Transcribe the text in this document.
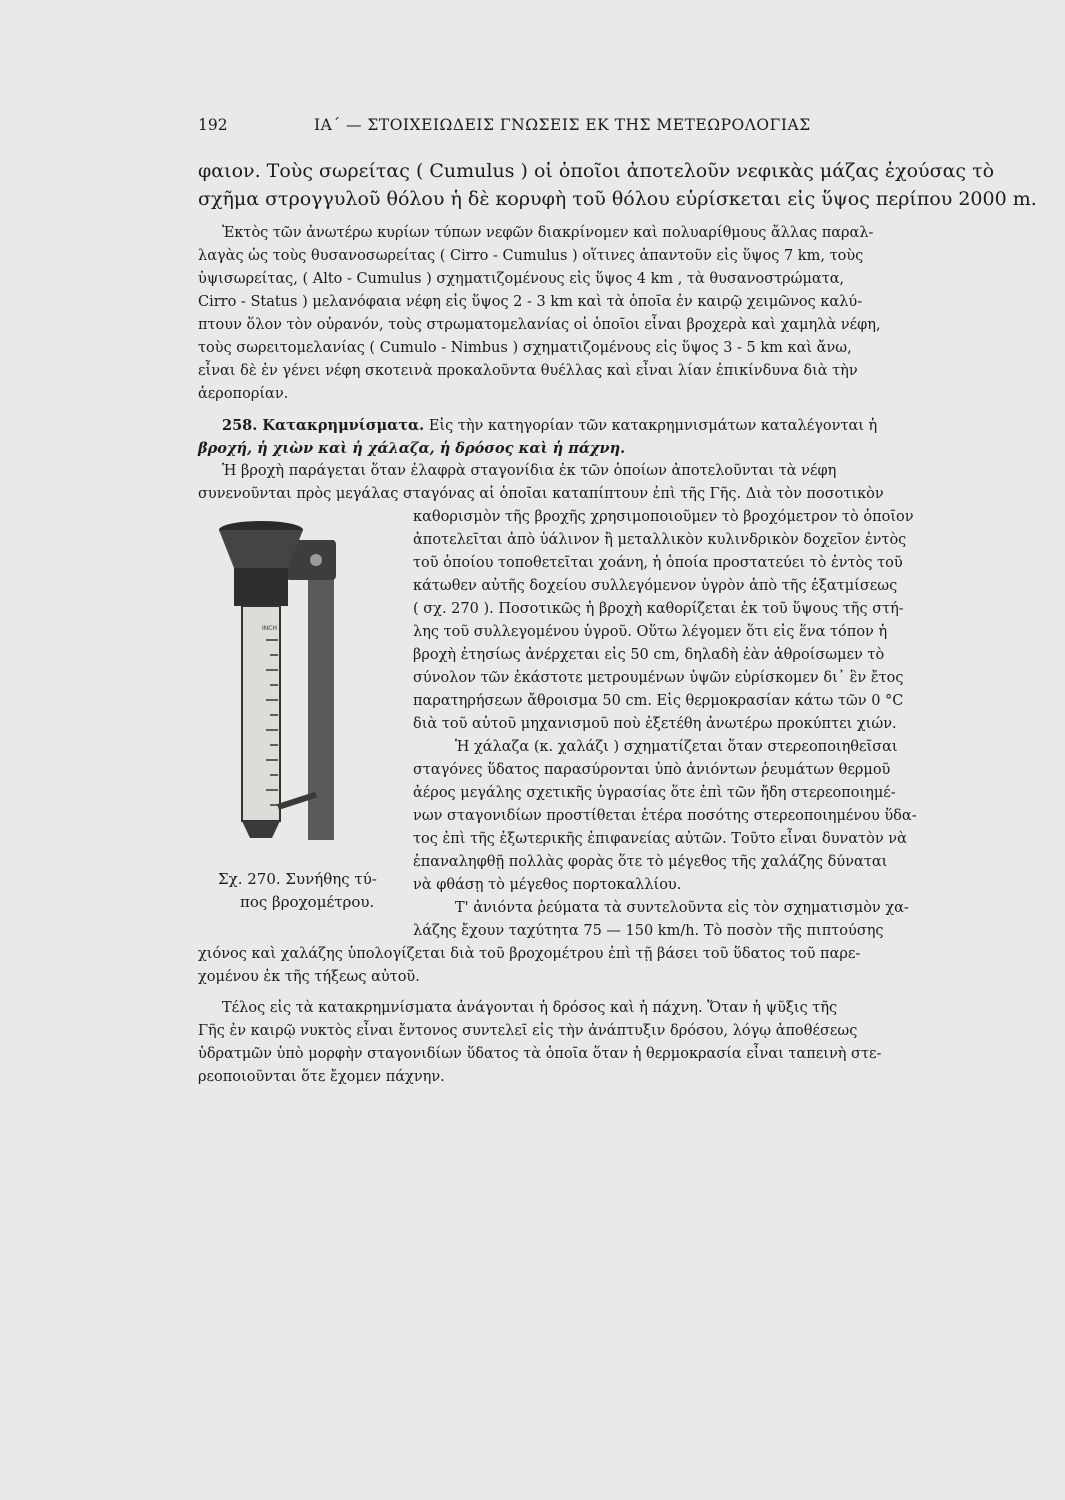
192	ΙΑ΄ — ΣΤΟΙΧΕΙΩΔΕΙΣ ΓΝΩΣΕΙΣ ΕΚ ΤΗΣ ΜΕΤΕΩΡΟΛΟΓΙΑΣ
φαιον. Τοὺς σωρείτας ( Cumulus ) οἱ ὁποῖοι ἀποτελοῦν νεφικὰς μάζας ἐχούσας τὸ
σχῆμα στρογγυλοῦ θόλου ἡ δὲ κορυφὴ τοῦ θόλου εὑρίσκεται εἰς ὕψος περίπου 2000 m.
Ἐκτὸς τῶν ἀνωτέρω κυρίων τύπων νεφῶν διακρίνομεν καὶ πολυαρίθμους ἄλλας παραλ-
λαγὰς ὡς τοὺς θυσανοσωρείτας ( Cirro - Cumulus ) οἵτινες ἀπαντοῦν εἰς ὕψος 7 km, τοὺς
ὑψισωρείτας, ( Alto - Cumulus ) σχηματιζομένους εἰς ὕψος 4 km , τὰ θυσανοστρώματα,
Cirro - Status ) μελανόφαια νέφη εἰς ὕψος 2 - 3 km καὶ τὰ ὁποῖα ἐν καιρῷ χειμῶνος καλύ-
πτουν ὅλον τὸν οὐρανόν, τοὺς στρωματομελανίας οἱ ὁποῖοι εἶναι βροχερὰ καὶ χαμηλὰ νέφη,
τοὺς σωρειτομελανίας ( Cumulo - Nimbus ) σχηματιζομένους εἰς ὕψος 3 - 5 km καὶ ἄνω,
εἶναι δὲ ἐν γένει νέφη σκοτεινὰ προκαλοῦντα θυέλλας καὶ εἶναι λίαν ἐπικίνδυνα διὰ τὴν
ἀεροπορίαν.
258. Κατακρημνίσματα. Εἰς τὴν κατηγορίαν τῶν κατακρημνισμάτων καταλέγονται ἡ
βροχή, ἡ χιὼν καὶ ἡ χάλαζα, ἡ δρόσος καὶ ἡ πάχνη.
Ἡ βροχὴ παράγεται ὅταν ἐλαφρὰ σταγονίδια ἐκ τῶν ὁποίων ἀποτελοῦνται τὰ νέφη
συνενοῦνται πρὸς μεγάλας σταγόνας αἱ ὁποῖαι καταπίπτουν ἐπὶ τῆς Γῆς. Διὰ τὸν ποσοτικὸν
καθορισμὸν τῆς βροχῆς χρησιμοποιοῦμεν τὸ βροχόμετρον τὸ ὁποῖον
ἀποτελεῖται ἀπὸ ὑάλινον ἢ μεταλλικὸν κυλινδρικὸν δοχεῖον ἐντὸς
τοῦ ὁποίου τοποθετεῖται χοάνη, ἡ ὁποία προστατεύει τὸ ἐντὸς τοῦ
κάτωθεν αὐτῆς δοχείου συλλεγόμενον ὑγρὸν ἀπὸ τῆς ἐξατμίσεως
( σχ. 270 ). Ποσοτικῶς ἡ βροχὴ καθορίζεται ἐκ τοῦ ὕψους τῆς στή-
λης τοῦ συλλεγομένου ὑγροῦ. Οὕτω λέγομεν ὅτι εἰς ἕνα τόπον ἡ
βροχὴ ἐτησίως ἀνέρχεται εἰς 50 cm, δηλαδὴ ἐὰν ἀθροίσωμεν τὸ
σύνολον τῶν ἑκάστοτε μετρουμένων ὑψῶν εὑρίσκομεν δι᾿ ἓν ἔτος
παρατηρήσεων ἄθροισμα 50 cm. Εἰς θερμοκρασίαν κάτω τῶν 0 °C
διὰ τοῦ αὐτοῦ μηχανισμοῦ ποὺ ἐξετέθη ἀνωτέρω προκύπτει χιών.
Ἡ χάλαζα (κ. χαλάζι ) σχηματίζεται ὅταν στερεοποιηθεῖσαι
σταγόνες ὕδατος παρασύρονται ὑπὸ ἀνιόντων ῥευμάτων θερμοῦ
ἀέρος μεγάλης σχετικῆς ὑγρασίας ὅτε ἐπὶ τῶν ἤδη στερεοποιημέ-
νων σταγονιδίων προστίθεται ἑτέρα ποσότης στερεοποιημένου ὕδα-
τος ἐπὶ τῆς ἐξωτερικῆς ἐπιφανείας αὐτῶν. Τοῦτο εἶναι δυνατὸν νὰ
ἐπαναληφθῇ πολλὰς φορὰς ὅτε τὸ μέγεθος τῆς χαλάζης δύναται
νὰ φθάσῃ τὸ μέγεθος πορτοκαλλίου.
Τ' ἀνιόντα ῥεύματα τὰ συντελοῦντα εἰς τὸν σχηματισμὸν χα-
λάζης ἔχουν ταχύτητα 75 — 150 km/h. Τὸ ποσὸν τῆς πιπτούσης
χιόνος καὶ χαλάζης ὑπολογίζεται διὰ τοῦ βροχομέτρου ἐπὶ τῇ βάσει τοῦ ὕδατος τοῦ παρε-
χομένου ἐκ τῆς τήξεως αὐτοῦ.
Τέλος εἰς τὰ κατακρημνίσματα ἀνάγονται ἡ δρόσος καὶ ἡ πάχνη. Ὅταν ἡ ψῦξις τῆς
Γῆς ἐν καιρῷ νυκτὸς εἶναι ἔντονος συντελεῖ εἰς τὴν ἀνάπτυξιν δρόσου, λόγῳ ἀποθέσεως
ὑδρατμῶν ὑπὸ μορφὴν σταγονιδίων ὕδατος τὰ ὁποῖα ὅταν ἡ θερμοκρασία εἶναι ταπεινὴ στε-
ρεοποιοῦνται ὅτε ἔχομεν πάχνην.
INCH
Σχ. 270. Συνήθης τύ-
πος βροχομέτρου.
